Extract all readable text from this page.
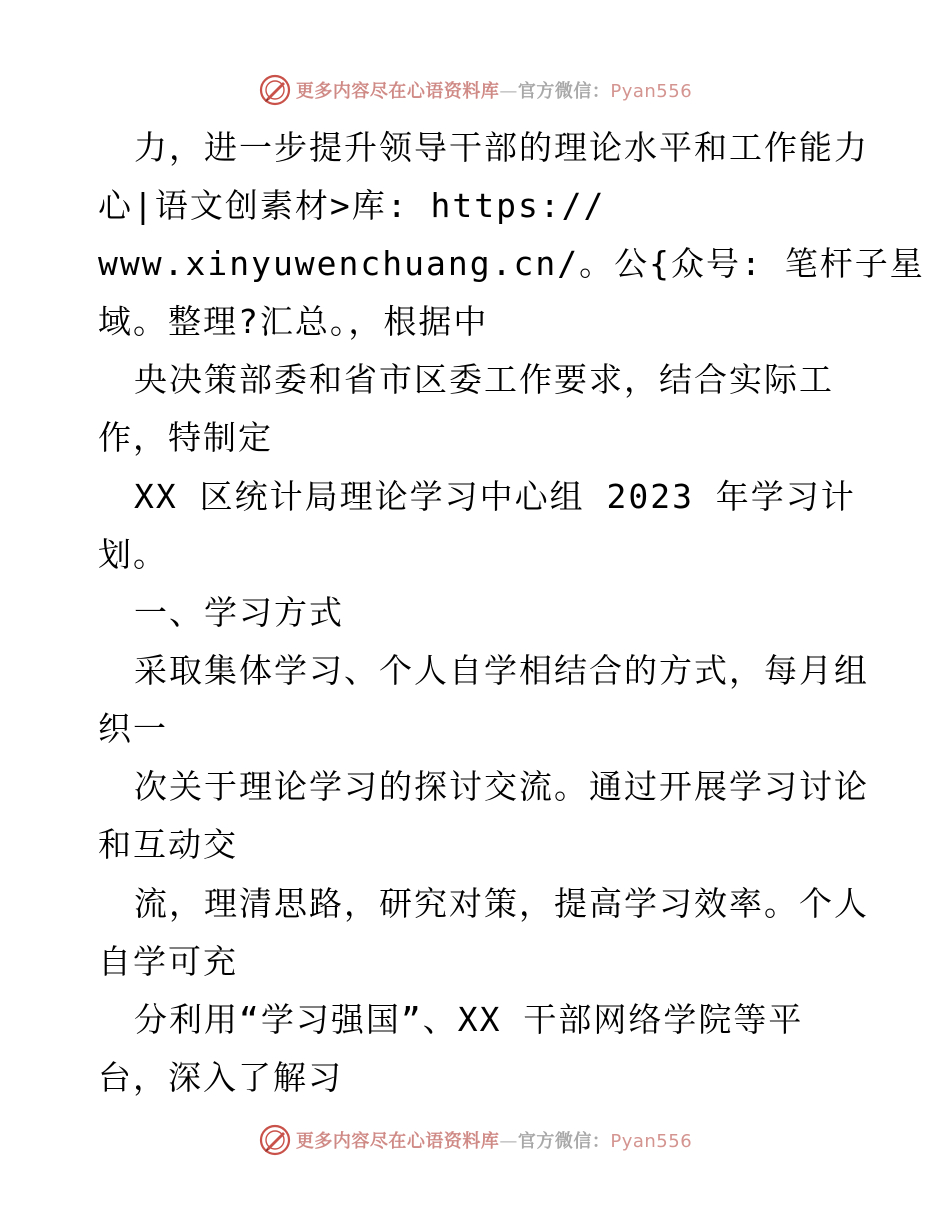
更多内容尽在心语资料库—官方微信：Pyan556
力，进一步提升领导干部的理论水平和工作能力
心|语文创素材>库: https://
www.xinyuwenchuang.cn/。公{众号: 笔杆子星
域。整理?汇总。，根据中
央决策部委和省市区委工作要求，结合实际工
作，特制定
XX 区统计局理论学习中心组 2023 年学习计
划。
一、学习方式
采取集体学习、个人自学相结合的方式，每月组
织一
次关于理论学习的探讨交流。通过开展学习讨论
和互动交
流，理清思路，研究对策，提高学习效率。个人
自学可充
分利用“学习强国”、XX 干部网络学院等平
台，深入了解习
更多内容尽在心语资料库—官方微信：Pyan556
